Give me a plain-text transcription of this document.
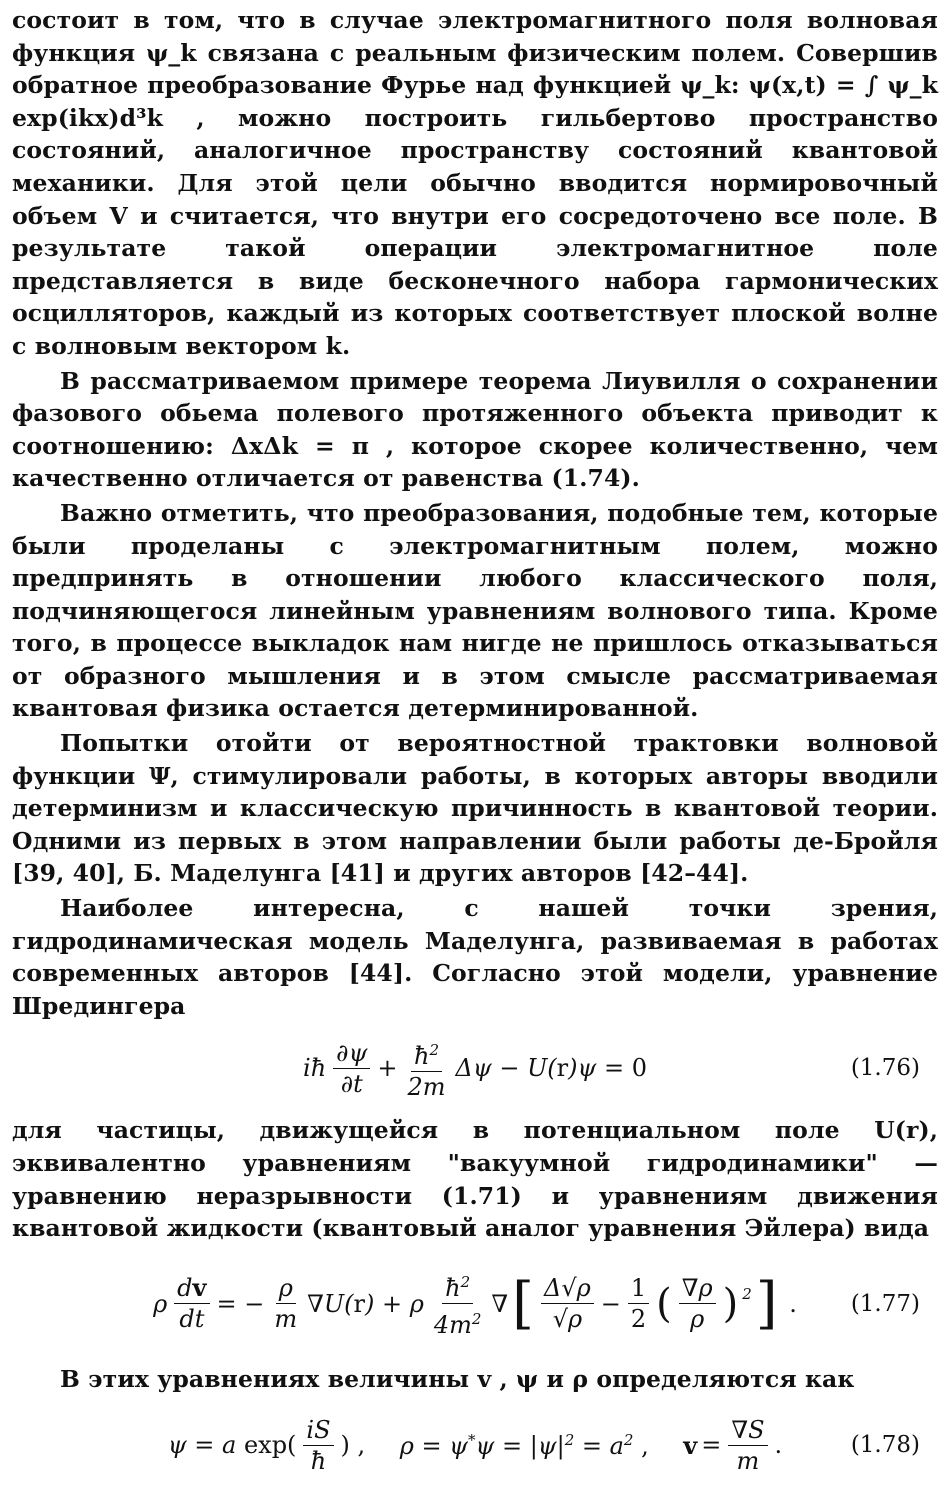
состоит в том, что в случае электромагнитного поля волновая функция ψ_k связана с реальным физическим полем. Совершив обратное преобразование Фурье над функцией ψ_k: ψ(x,t) = ∫ ψ_k exp(ikx)d³k , можно построить гильбертово пространство состояний, аналогичное пространству состояний квантовой механики. Для этой цели обычно вводится нормировочный объем V и считается, что внутри его сосредоточено все поле. В результате такой операции электромагнитное поле представляется в виде бесконечного набора гармонических осцилляторов, каждый из которых соответствует плоской волне с волновым вектором k.

В рассматриваемом примере теорема Лиувилля о сохранении фазового обьема полевого протяженного объекта приводит к соотношению: ΔxΔk = π , которое скорее количественно, чем качественно отличается от равенства (1.74).

Важно отметить, что преобразования, подобные тем, которые были проделаны с электромагнитным полем, можно предпринять в отношении любого классического поля, подчиняющегося линейным уравнениям волнового типа. Кроме того, в процессе выкладок нам нигде не пришлось отказываться от образного мышления и в этом смысле рассматриваемая квантовая физика остается детерминированной.

Попытки отойти от вероятностной трактовки волновой функции Ψ, стимулировали работы, в которых авторы вводили детерминизм и классическую причинность в квантовой теории. Одними из первых в этом направлении были работы де-Бройля [39, 40], Б. Маделунга [41] и других авторов [42–44].

Наиболее интересна, с нашей точки зрения, гидродинамическая модель Маделунга, развиваемая в работах современных авторов [44]. Согласно этой модели, уравнение Шредингера

iħ $\frac{\partial\psi}{\partial t} + \frac{ħ^2}{2m}$ Δψ − U(r)ψ = 0	(1.76)

для частицы, движущейся в потенциальном поле U(r), эквивалентно уравнениям "вакуумной гидродинамики" — уравнению неразрывности (1.71) и уравнениям движения квантовой жидкости (квантовый аналог уравнения Эйлера) вида

ρ $\frac{dv}{dt}$ = − $\frac{\rho}{m} \nabla U(r) + \rho \frac{ħ^2}{4m^2}$ ∇ [ $\frac{\Delta√\rho}{√\rho} - \frac{1}{2}$ ( $\frac{\nabla\rho}{\rho}$ ) $^2$ ] . (1.77)

В этих уравнениях величины v , ψ и ρ определяются как

ψ = a $\exp( \frac{iS}{ħ}$ ) , $\rho = \psi^*\psi = |\psi|^2 = a^2$ , $v = \frac{\nabla S}{m}$ .	(1.78)
